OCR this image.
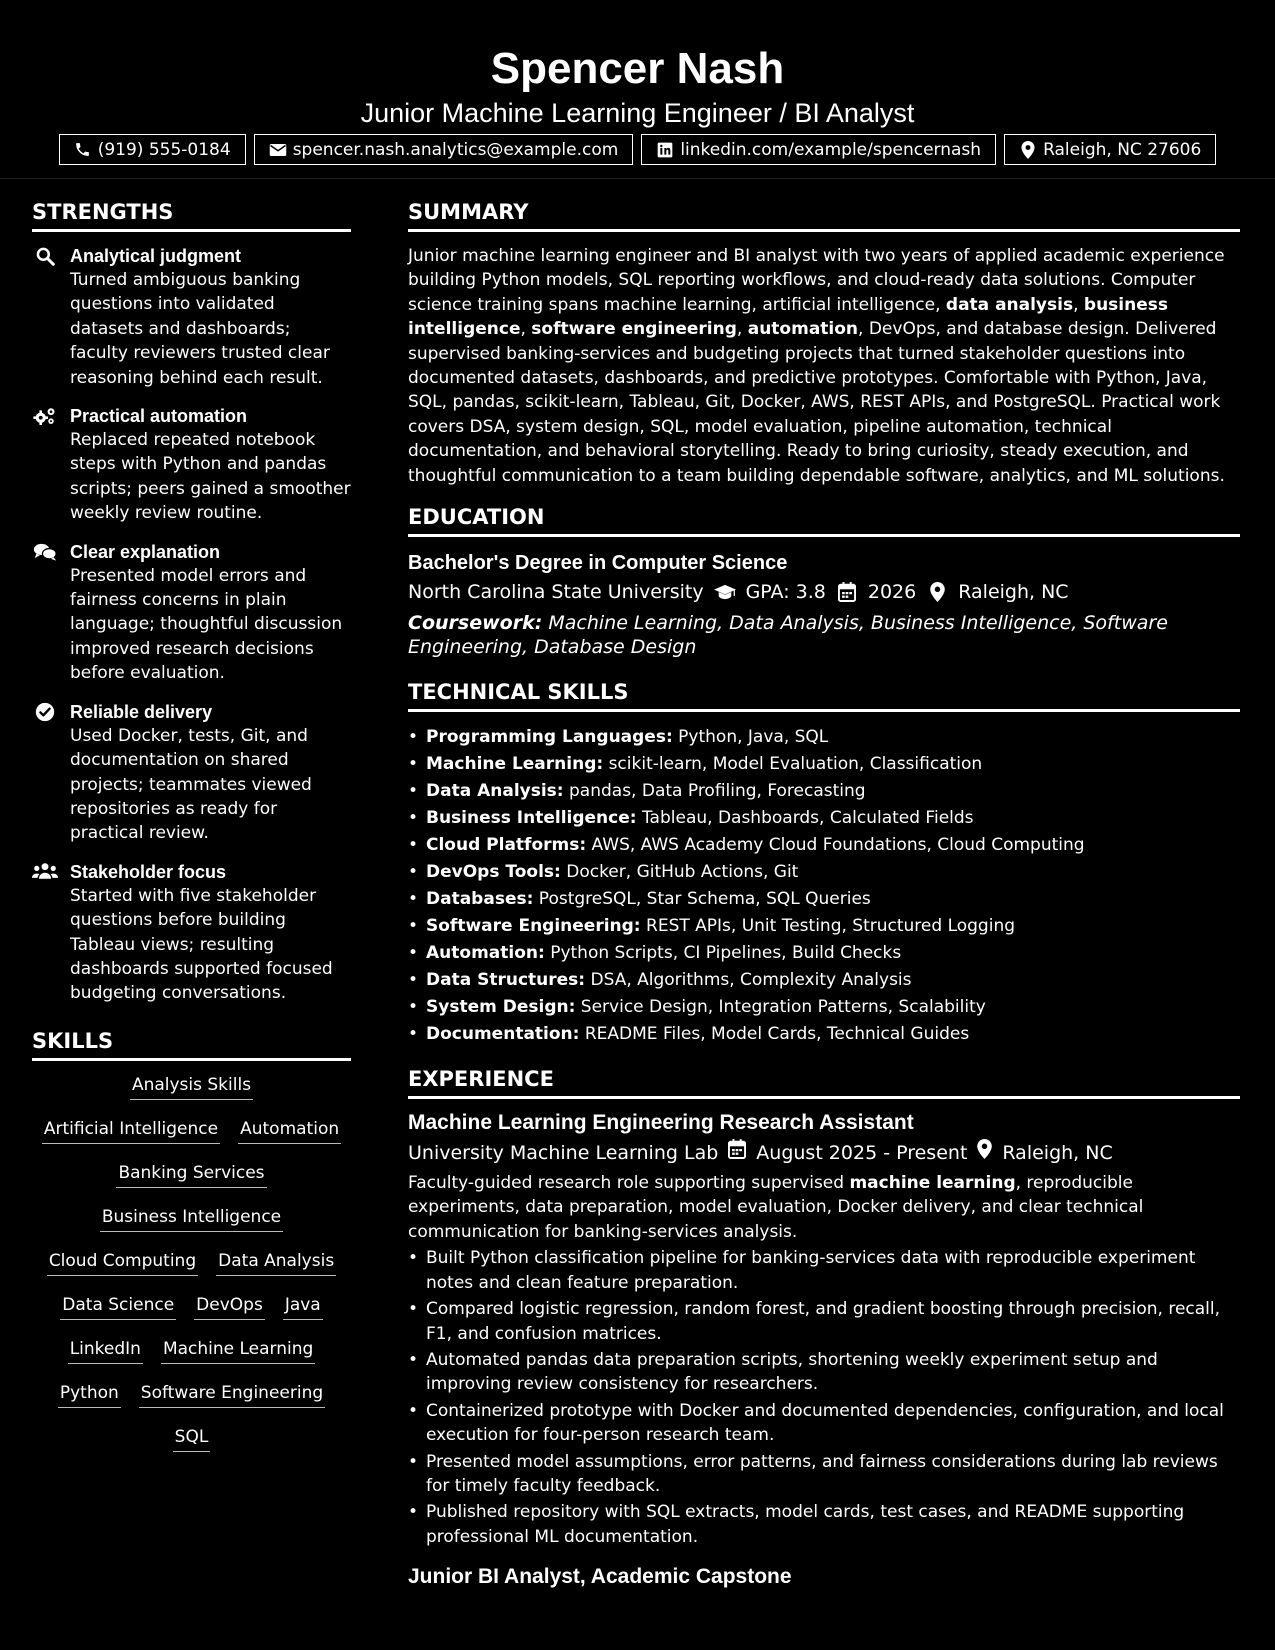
Spencer Nash
Junior Machine Learning Engineer / BI Analyst
(919) 555-0184	spencer.nash.analytics@example.com	linkedin.com/example/spencernash	Raleigh, NC 27606
STRENGTHS
Analytical judgment
Turned ambiguous banking questions into validated datasets and dashboards; faculty reviewers trusted clear reasoning behind each result.
Practical automation
Replaced repeated notebook steps with Python and pandas scripts; peers gained a smoother weekly review routine.
Clear explanation
Presented model errors and fairness concerns in plain language; thoughtful discussion improved research decisions before evaluation.
Reliable delivery
Used Docker, tests, Git, and documentation on shared projects; teammates viewed repositories as ready for practical review.
Stakeholder focus
Started with five stakeholder questions before building Tableau views; resulting dashboards supported focused budgeting conversations.
SKILLS
Analysis Skills
Artificial Intelligence Automation
Banking Services
Business Intelligence
Cloud Computing Data Analysis
Data Science DevOps Java
LinkedIn Machine Learning
Python Software Engineering
SQL
SUMMARY
Junior machine learning engineer and BI analyst with two years of applied academic experience building Python models, SQL reporting workflows, and cloud-ready data solutions. Computer science training spans machine learning, artificial intelligence, data analysis, business intelligence, software engineering, automation, DevOps, and database design. Delivered supervised banking-services and budgeting projects that turned stakeholder questions into documented datasets, dashboards, and predictive prototypes. Comfortable with Python, Java, SQL, pandas, scikit-learn, Tableau, Git, Docker, AWS, REST APIs, and PostgreSQL. Practical work covers DSA, system design, SQL, model evaluation, pipeline automation, technical documentation, and behavioral storytelling. Ready to bring curiosity, steady execution, and thoughtful communication to a team building dependable software, analytics, and ML solutions.
EDUCATION
Bachelor's Degree in Computer Science
North Carolina State University GPA: 3.8 2026 Raleigh, NC
Coursework: Machine Learning, Data Analysis, Business Intelligence, Software Engineering, Database Design
TECHNICAL SKILLS
• Programming Languages: Python, Java, SQL
• Machine Learning: scikit-learn, Model Evaluation, Classification
• Data Analysis: pandas, Data Profiling, Forecasting
• Business Intelligence: Tableau, Dashboards, Calculated Fields
• Cloud Platforms: AWS, AWS Academy Cloud Foundations, Cloud Computing
• DevOps Tools: Docker, GitHub Actions, Git
• Databases: PostgreSQL, Star Schema, SQL Queries
• Software Engineering: REST APIs, Unit Testing, Structured Logging
• Automation: Python Scripts, CI Pipelines, Build Checks
• Data Structures: DSA, Algorithms, Complexity Analysis
• System Design: Service Design, Integration Patterns, Scalability
• Documentation: README Files, Model Cards, Technical Guides
EXPERIENCE
Machine Learning Engineering Research Assistant
University Machine Learning Lab August 2025 - Present Raleigh, NC
Faculty-guided research role supporting supervised machine learning, reproducible experiments, data preparation, model evaluation, Docker delivery, and clear technical communication for banking-services analysis.
• Built Python classification pipeline for banking-services data with reproducible experiment notes and clean feature preparation.
• Compared logistic regression, random forest, and gradient boosting through precision, recall, F1, and confusion matrices.
• Automated pandas data preparation scripts, shortening weekly experiment setup and improving review consistency for researchers.
• Containerized prototype with Docker and documented dependencies, configuration, and local execution for four-person research team.
• Presented model assumptions, error patterns, and fairness considerations during lab reviews for timely faculty feedback.
• Published repository with SQL extracts, model cards, test cases, and README supporting professional ML documentation.
Junior BI Analyst, Academic Capstone
